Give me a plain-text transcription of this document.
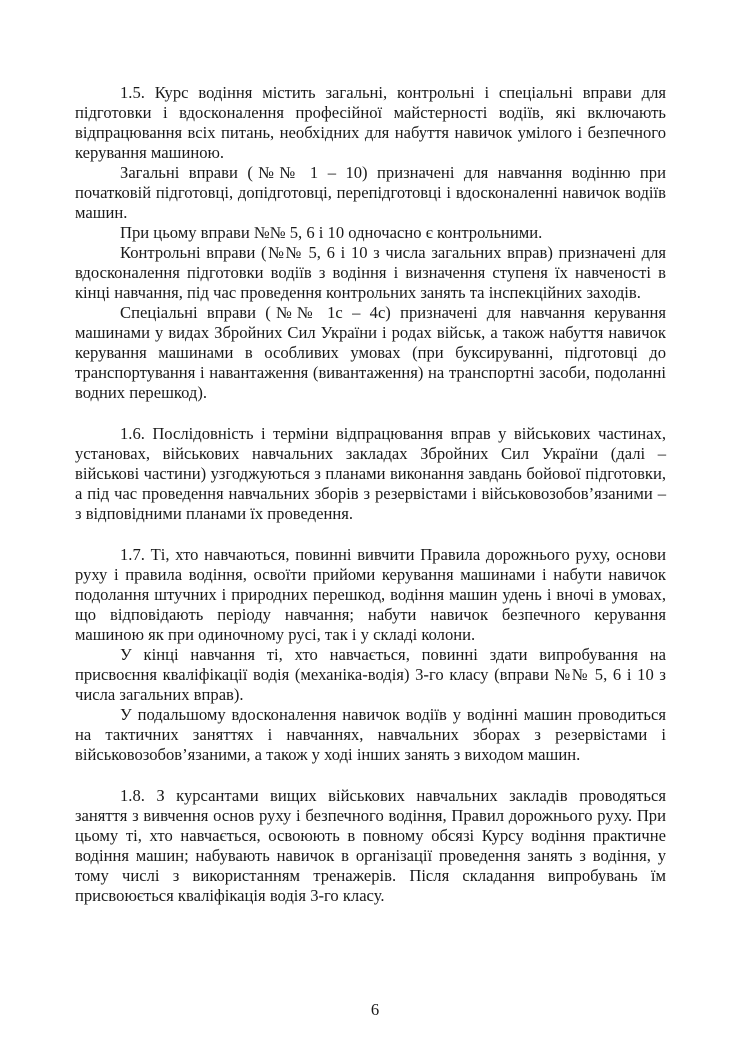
1.5. Курс водіння містить загальні, контрольні і спеціальні вправи для підготовки і вдосконалення професійної майстерності водіїв, які включають відпрацювання всіх питань, необхідних для набуття навичок умілого і безпечного керування машиною.

Загальні вправи (№№ 1 – 10) призначені для навчання водінню при початковій підготовці, допідготовці, перепідготовці і вдосконаленні навичок водіїв машин.

При цьому вправи №№ 5, 6 і 10 одночасно є контрольними.

Контрольні вправи (№№ 5, 6 і 10 з числа загальних вправ) призначені для вдосконалення підготовки водіїв з водіння і визначення ступеня їх навченості в кінці навчання, під час проведення контрольних занять та інспекційних заходів.

Спеціальні вправи (№№ 1с – 4с) призначені для навчання керування машинами у видах Збройних Сил України і родах військ, а також набуття навичок керування машинами в особливих умовах (при буксируванні, підготовці до транспортування і навантаження (вивантаження) на транспортні засоби, подоланні водних перешкод).

1.6. Послідовність і терміни відпрацювання вправ у військових частинах, установах, військових навчальних закладах Збройних Сил України (далі – військові частини) узгоджуються з планами виконання завдань бойової підготовки, а під час проведення навчальних зборів з резервістами і військовозобов’язаними – з відповідними планами їх проведення.

1.7. Ті, хто навчаються, повинні вивчити Правила дорожнього руху, основи руху і правила водіння, освоїти прийоми керування машинами і набути навичок подолання штучних і природних перешкод, водіння машин удень і вночі в умовах, що відповідають періоду навчання; набути навичок безпечного керування машиною як при одиночному русі, так і у складі колони.

У кінці навчання ті, хто навчається, повинні здати випробування на присвоєння кваліфікації водія (механіка-водія) 3-го класу (вправи №№ 5, 6 і 10 з числа загальних вправ).

У подальшому вдосконалення навичок водіїв у водінні машин проводиться на тактичних заняттях і навчаннях, навчальних зборах з резервістами і військовозобов’язаними, а також у ході інших занять з виходом машин.

1.8. З курсантами вищих військових навчальних закладів проводяться заняття з вивчення основ руху і безпечного водіння, Правил дорожнього руху. При цьому ті, хто навчається, освоюють в повному обсязі Курсу водіння практичне водіння машин; набувають навичок в організації проведення занять з водіння, у тому числі з використанням тренажерів. Після складання випробувань їм присвоюється кваліфікація водія 3-го класу.

6
